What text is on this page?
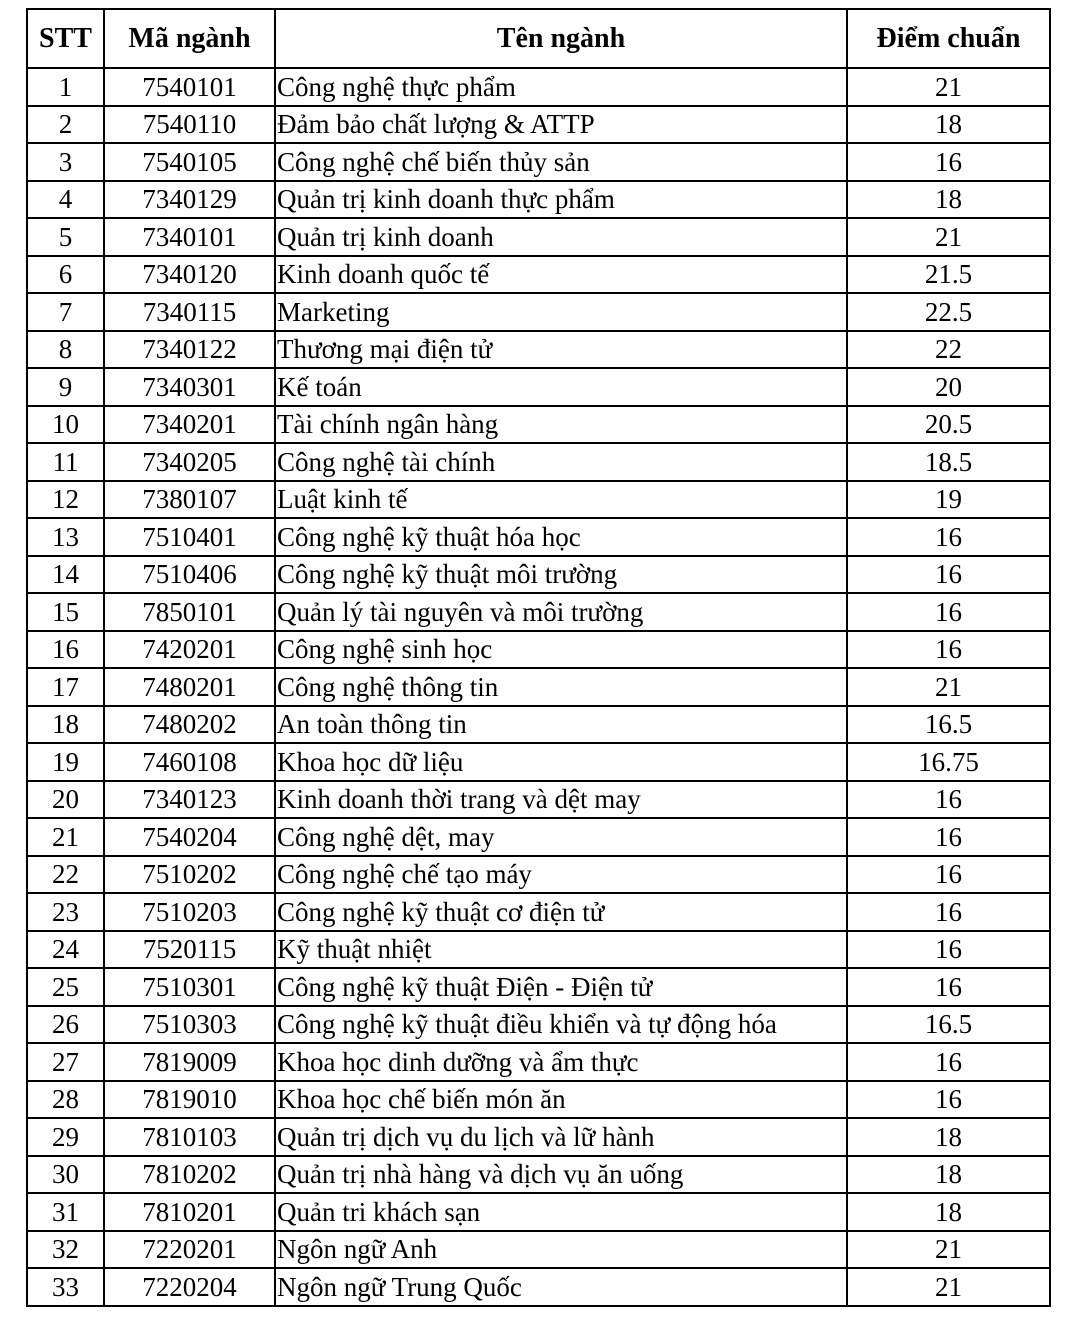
STT	Mã ngành	Tên ngành	Điểm chuẩn
1	7540101	Công nghệ thực phẩm	21
2	7540110	Đảm bảo chất lượng & ATTP	18
3	7540105	Công nghệ chế biến thủy sản	16
4	7340129	Quản trị kinh doanh thực phẩm	18
5	7340101	Quản trị kinh doanh	21
6	7340120	Kinh doanh quốc tế	21.5
7	7340115	Marketing	22.5
8	7340122	Thương mại điện tử	22
9	7340301	Kế toán	20
10	7340201	Tài chính ngân hàng	20.5
11	7340205	Công nghệ tài chính	18.5
12	7380107	Luật kinh tế	19
13	7510401	Công nghệ kỹ thuật hóa học	16
14	7510406	Công nghệ kỹ thuật môi trường	16
15	7850101	Quản lý tài nguyên và môi trường	16
16	7420201	Công nghệ sinh học	16
17	7480201	Công nghệ thông tin	21
18	7480202	An toàn thông tin	16.5
19	7460108	Khoa học dữ liệu	16.75
20	7340123	Kinh doanh thời trang và dệt may	16
21	7540204	Công nghệ dệt, may	16
22	7510202	Công nghệ chế tạo máy	16
23	7510203	Công nghệ kỹ thuật cơ điện tử	16
24	7520115	Kỹ thuật nhiệt	16
25	7510301	Công nghệ kỹ thuật Điện - Điện tử	16
26	7510303	Công nghệ kỹ thuật điều khiển và tự động hóa	16.5
27	7819009	Khoa học dinh dưỡng và ẩm thực	16
28	7819010	Khoa học chế biến món ăn	16
29	7810103	Quản trị dịch vụ du lịch và lữ hành	18
30	7810202	Quản trị nhà hàng và dịch vụ ăn uống	18
31	7810201	Quản tri khách sạn	18
32	7220201	Ngôn ngữ Anh	21
33	7220204	Ngôn ngữ Trung Quốc	21
